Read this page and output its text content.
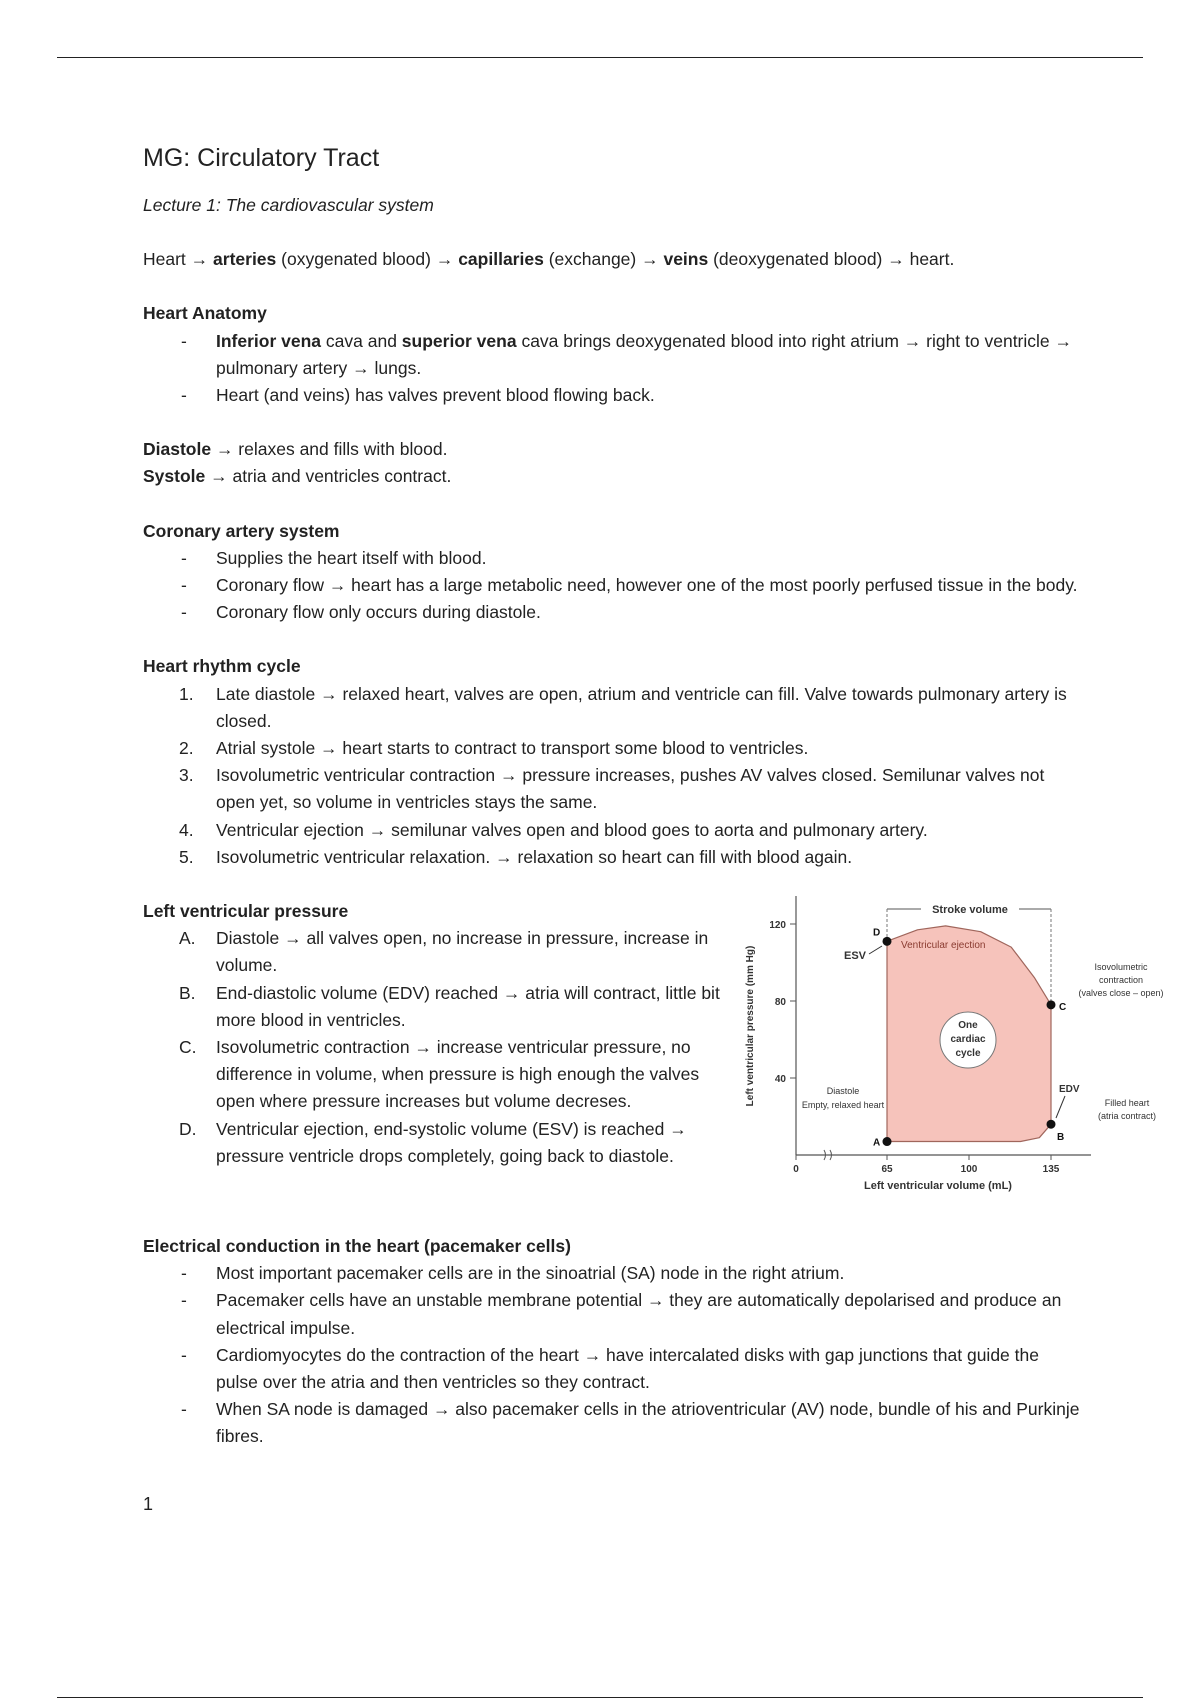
MG: Circulatory Tract

Lecture 1: The cardiovascular system

Heart → arteries (oxygenated blood) → capillaries (exchange) → veins (deoxygenated blood) → heart.

Heart Anatomy

- Inferior vena cava and superior vena cava brings deoxygenated blood into right atrium → right to ventricle → pulmonary artery → lungs.
- Heart (and veins) has valves prevent blood flowing back.

Diastole → relaxes and fills with blood.

Systole → atria and ventricles contract.

Coronary artery system

- Supplies the heart itself with blood.
- Coronary flow → heart has a large metabolic need, however one of the most poorly perfused tissue in the body.
- Coronary flow only occurs during diastole.

Heart rhythm cycle

1. Late diastole → relaxed heart, valves are open, atrium and ventricle can fill. Valve towards pulmonary artery is closed.
2. Atrial systole → heart starts to contract to transport some blood to ventricles.
3. Isovolumetric ventricular contraction → pressure increases, pushes AV valves closed. Semilunar valves not open yet, so volume in ventricles stays the same.
4. Ventricular ejection → semilunar valves open and blood goes to aorta and pulmonary artery.
5. Isovolumetric ventricular relaxation. → relaxation so heart can fill with blood again.

Left ventricular pressure

A. Diastole → all valves open, no increase in pressure, increase in volume.
B. End-diastolic volume (EDV) reached → atria will contract, little bit more blood in ventricles.
C. Isovolumetric contraction → increase ventricular pressure, no difference in volume, when pressure is high enough the valves open where pressure increases but volume decreses.
D. Ventricular ejection, end-systolic volume (ESV) is reached → pressure ventricle drops completely, going back to diastole.
40
80
120
0	65	100	135
Left ventricular volume (mL)
Left ventricular pressure (mm Hg)
Stroke volume
A	B
C
D
ESV
Ventricular ejection
One
cardiac
cycle
Isovolumetric
contraction
(valves close – open)
EDV
Filled heart
(atria contract)
Diastole
Empty, relaxed heart

Electrical conduction in the heart (pacemaker cells)

- Most important pacemaker cells are in the sinoatrial (SA) node in the right atrium.
- Pacemaker cells have an unstable membrane potential → they are automatically depolarised and produce an electrical impulse.
- Cardiomyocytes do the contraction of the heart → have intercalated disks with gap junctions that guide the pulse over the atria and then ventricles so they contract.
- When SA node is damaged → also pacemaker cells in the atrioventricular (AV) node, bundle of his and Purkinje fibres.
1
